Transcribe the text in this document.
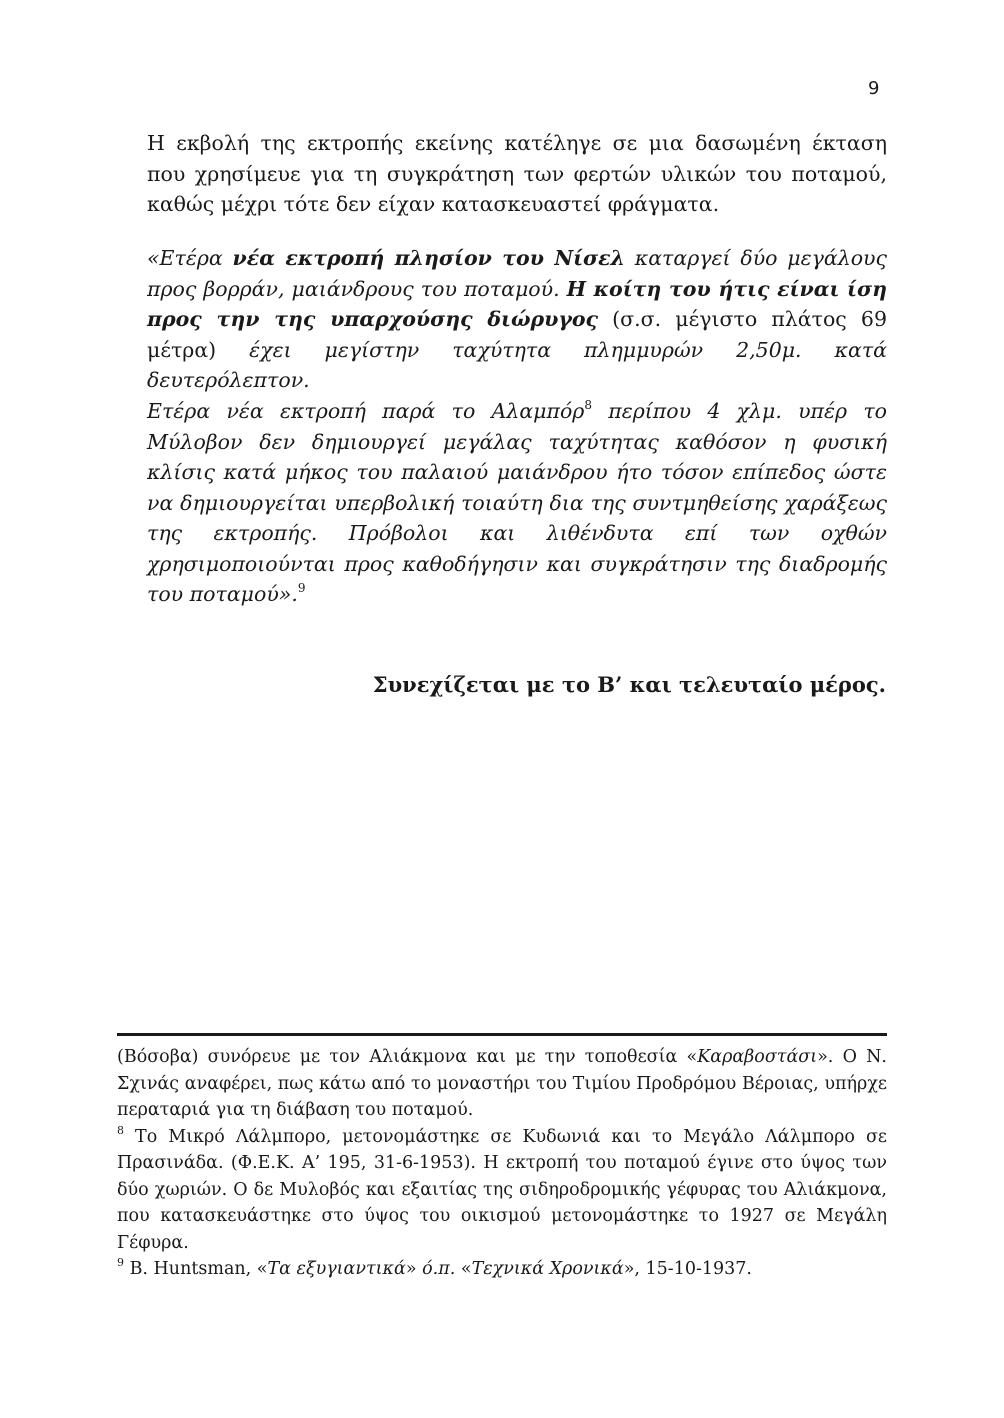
9

Η εκβολή της εκτροπής εκείνης κατέληγε σε μια δασωμένη έκταση που χρησίμευε για τη συγκράτηση των φερτών υλικών του ποταμού, καθώς μέχρι τότε δεν είχαν κατασκευαστεί φράγματα.

«Ετέρα νέα εκτροπή πλησίον του Νίσελ καταργεί δύο μεγάλους προς βορράν, μαιάνδρους του ποταμού. Η κοίτη του ήτις είναι ίση προς την της υπαρχούσης διώρυγος (σ.σ. μέγιστο πλάτος 69 μέτρα) έχει μεγίστην ταχύτητα πλημμυρών 2,50μ. κατά δευτερόλεπτον.

Ετέρα νέα εκτροπή παρά το Αλαμπόρ$^8$ περίπου 4 χλμ. υπέρ το Μύλοβον δεν δημιουργεί μεγάλας ταχύτητας καθόσον η φυσική κλίσις κατά μήκος του παλαιού μαιάνδρου ήτο τόσον επίπεδος ώστε να δημιουργείται υπερβολική τοιαύτη δια της συντμηθείσης χαράξεως της εκτροπής. Πρόβολοι και λιθένδυτα επί των οχθών χρησιμοποιούνται προς καθοδήγησιν και συγκράτησιν της διαδρομής του ποταμού».$^9$

Συνεχίζεται με το Β’ και τελευταίο μέρος.

(Βόσοβα) συνόρευε με τον Αλιάκμονα και με την τοποθεσία «Καραβοστάσι». Ο Ν. Σχινάς αναφέρει, πως κάτω από το μοναστήρι του Τιμίου Προδρόμου Βέροιας, υπήρχε περαταριά για τη διάβαση του ποταμού.

$^8$ Το Μικρό Λάλμπορο, μετονομάστηκε σε Κυδωνιά και το Μεγάλο Λάλμπορο σε Πρασινάδα. (Φ.Ε.Κ. Α’ 195, 31-6-1953). Η εκτροπή του ποταμού έγινε στο ύψος των δύο χωριών. Ο δε Μυλοβός και εξαιτίας της σιδηροδρομικής γέφυρας του Αλιάκμονα, που κατασκευάστηκε στο ύψος του οικισμού μετονομάστηκε το 1927 σε Μεγάλη Γέφυρα.

$^9$ B. Huntsman, «Τα εξυγιαντικά» ό.π. «Τεχνικά Χρονικά», 15-10-1937.
